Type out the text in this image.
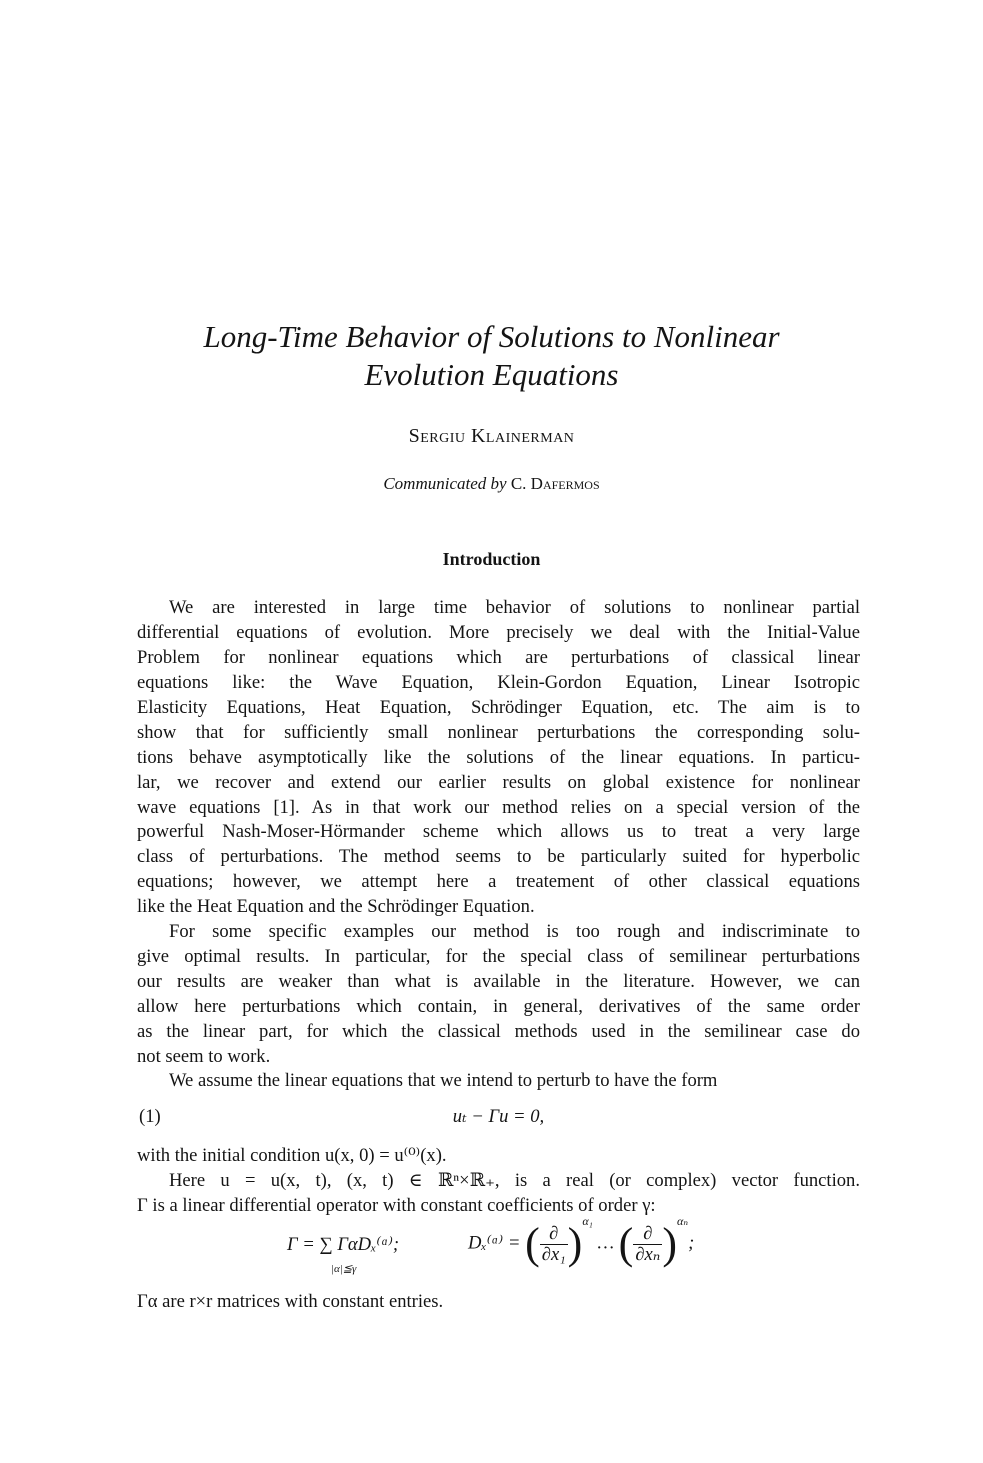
Long-Time Behavior of Solutions to Nonlinear
Evolution Equations
Sergiu Klainerman
Communicated by C. Dafermos
Introduction
We are interested in large time behavior of solutions to nonlinear partial
differential equations of evolution. More precisely we deal with the Initial-Value
Problem for nonlinear equations which are perturbations of classical linear
equations like: the Wave Equation, Klein-Gordon Equation, Linear Isotropic
Elasticity Equations, Heat Equation, Schrödinger Equation, etc. The aim is to
show that for sufficiently small nonlinear perturbations the corresponding solu-
tions behave asymptotically like the solutions of the linear equations. In particu-
lar, we recover and extend our earlier results on global existence for nonlinear
wave equations [1]. As in that work our method relies on a special version of the
powerful Nash-Moser-Hörmander scheme which allows us to treat a very large
class of perturbations. The method seems to be particularly suited for hyperbolic
equations; however, we attempt here a treatement of other classical equations
like the Heat Equation and the Schrödinger Equation.
For some specific examples our method is too rough and indiscriminate to
give optimal results. In particular, for the special class of semilinear perturbations
our results are weaker than what is available in the literature. However, we can
allow here perturbations which contain, in general, derivatives of the same order
as the linear part, for which the classical methods used in the semilinear case do
not seem to work.
We assume the linear equations that we intend to perturb to have the form
(1)	uₜ − Γu = 0,
with the initial condition u(x, 0) = u⁽⁰⁾(x).
Here u = u(x, t), (x, t) ∈ ℝⁿ×ℝ₊, is a real (or complex) vector function.
Γ is a linear differential operator with constant coefficients of order γ:
Γ = ∑ ΓαDₓ⁽ᵅ⁾;
|α|≦γ
Dₓ⁽ᵅ⁾ = ( $\frac{\partial}{\text{∂x₁}} )^{\alpha_1}$ … ( $\frac{\partial}{\text{∂xₙ}} )^{\alpha_n}$;
Γα are r×r matrices with constant entries.
